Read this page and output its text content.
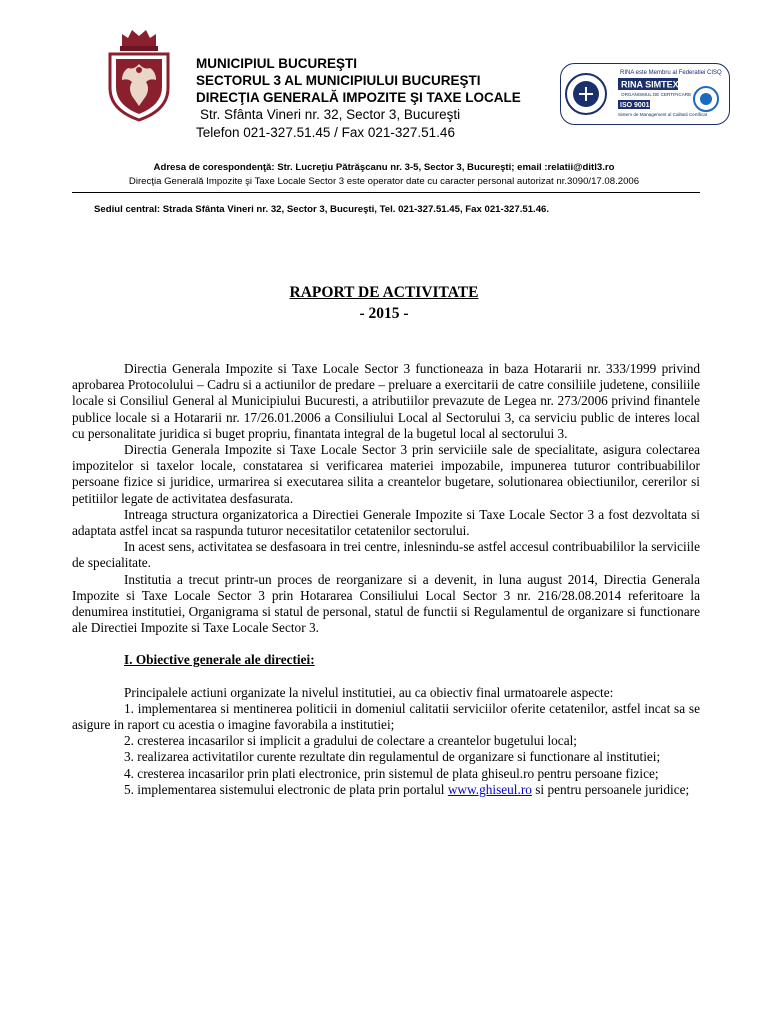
MUNICIPIUL BUCUREŞTI
SECTORUL 3 AL MUNICIPIULUI BUCUREŞTI
DIRECŢIA GENERALĂ IMPOZITE ŞI TAXE LOCALE
Str. Sfânta Vineri nr. 32, Sector 3, Bucureşti
Telefon 021-327.51.45 / Fax 021-327.51.46
RINA este Membru al Federatiei CISQ
RINA SIMTEX
ORGANISMUL DE CERTIFICARE
ISO 9001
Sistem de Management al Calitatii Certificat
Adresa de corespondenţă: Str. Lucreţiu Pătrăşcanu nr. 3-5, Sector 3, Bucureşti; email :relatii@ditl3.ro
Direcţia Generală Impozite şi Taxe Locale Sector 3 este operator date cu caracter personal autorizat nr.3090/17.08.2006
Sediul central: Strada Sfânta Vineri nr. 32, Sector 3, Bucureşti, Tel. 021-327.51.45, Fax 021-327.51.46.
RAPORT DE ACTIVITATE
- 2015 -

Directia Generala Impozite si Taxe Locale Sector 3 functioneaza in baza Hotararii nr. 333/1999 privind aprobarea Protocolului – Cadru si a actiunilor de predare – preluare a exercitarii de catre consiliile judetene, consiliile locale si Consiliul General al Municipiului Bucuresti, a atributiilor prevazute de Legea nr. 273/2006 privind finantele publice locale si a Hotararii nr. 17/26.01.2006 a Consiliului Local al Sectorului 3, ca serviciu public de interes local cu personalitate juridica si buget propriu, finantata integral de la bugetul local al sectorului 3.

Directia Generala Impozite si Taxe Locale Sector 3 prin serviciile sale de specialitate, asigura colectarea impozitelor si taxelor locale, constatarea si verificarea materiei impozabile, impunerea tuturor contribuabililor persoane fizice si juridice, urmarirea si executarea silita a creantelor bugetare, solutionarea obiectiunilor, cererilor si petitiilor legate de activitatea desfasurata.

Intreaga structura organizatorica a Directiei Generale Impozite si Taxe Locale Sector 3 a fost dezvoltata si adaptata astfel incat sa raspunda tuturor necesitatilor cetatenilor sectorului.

In acest sens, activitatea se desfasoara in trei centre, inlesnindu-se astfel accesul contribuabililor la serviciile de specialitate.

Institutia a trecut printr-un proces de reorganizare si a devenit, in luna august 2014, Directia Generala Impozite si Taxe Locale Sector 3 prin Hotararea Consiliului Local Sector 3 nr. 216/28.08.2014 referitoare la denumirea institutiei, Organigrama si statul de personal, statul de functii si Regulamentul de organizare si functionare ale Directiei Impozite si Taxe Locale Sector 3.

I. Obiective generale ale directiei:

Principalele actiuni organizate la nivelul institutiei, au ca obiectiv final urmatoarele aspecte:

1. implementarea si mentinerea politicii in domeniul calitatii serviciilor oferite cetatenilor, astfel incat sa se asigure in raport cu acestia o imagine favorabila a institutiei;

2. cresterea incasarilor si implicit a gradului de colectare a creantelor bugetului local;

3. realizarea activitatilor curente rezultate din regulamentul de organizare si functionare al institutiei;

4. cresterea incasarilor prin plati electronice, prin sistemul de plata ghiseul.ro pentru persoane fizice;

5. implementarea sistemului electronic de plata prin portalul www.ghiseul.ro si pentru persoanele juridice;
